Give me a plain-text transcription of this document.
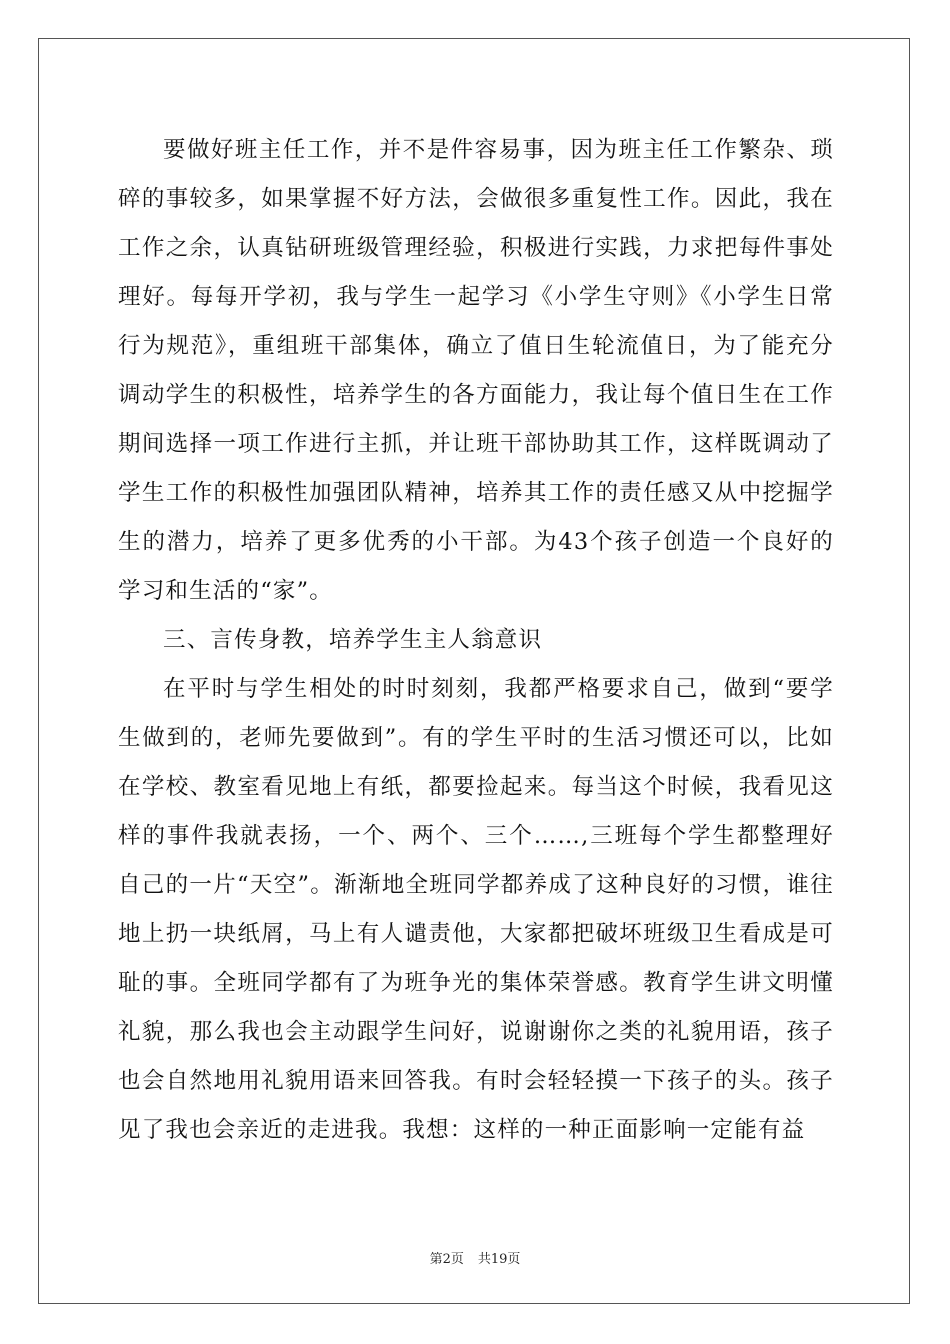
要做好班主任工作，并不是件容易事，因为班主任工作繁杂、琐碎的事较多，如果掌握不好方法，会做很多重复性工作。因此，我在工作之余，认真钻研班级管理经验，积极进行实践，力求把每件事处理好。每每开学初，我与学生一起学习《小学生守则》《小学生日常行为规范》，重组班干部集体，确立了值日生轮流值日，为了能充分调动学生的积极性，培养学生的各方面能力，我让每个值日生在工作期间选择一项工作进行主抓，并让班干部协助其工作，这样既调动了学生工作的积极性加强团队精神，培养其工作的责任感又从中挖掘学生的潜力，培养了更多优秀的小干部。为43个孩子创造一个良好的学习和生活的“家”。

三、言传身教，培养学生主人翁意识

在平时与学生相处的时时刻刻，我都严格要求自己，做到“要学生做到的，老师先要做到”。有的学生平时的生活习惯还可以，比如在学校、教室看见地上有纸，都要捡起来。每当这个时候，我看见这样的事件我就表扬，一个、两个、三个……,三班每个学生都整理好自己的一片“天空”。渐渐地全班同学都养成了这种良好的习惯，谁往地上扔一块纸屑，马上有人谴责他，大家都把破坏班级卫生看成是可耻的事。全班同学都有了为班争光的集体荣誉感。教育学生讲文明懂礼貌，那么我也会主动跟学生问好，说谢谢你之类的礼貌用语，孩子也会自然地用礼貌用语来回答我。有时会轻轻摸一下孩子的头。孩子见了我也会亲近的走进我。我想：这样的一种正面影响一定能有益

第2页 共19页
